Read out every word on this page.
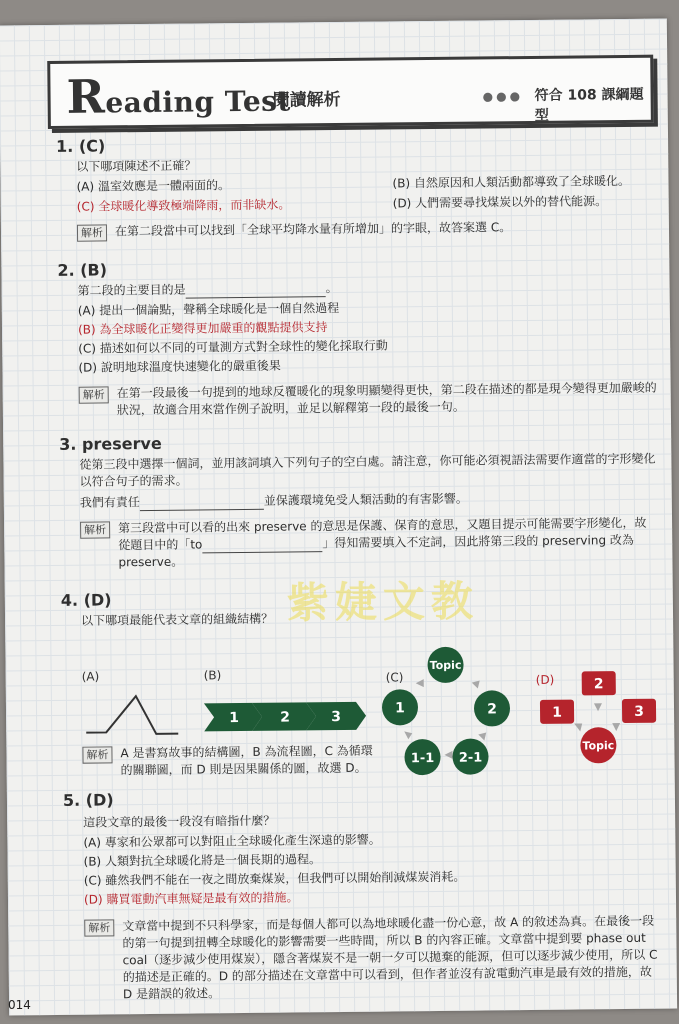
Reading Test
閱讀解析	●●● 符合 108 課綱題型
1. (C)
以下哪項陳述不正確？
(A) 溫室效應是一體兩面的。	(B) 自然原因和人類活動都導致了全球暖化。
(C) 全球暖化導致極端降雨，而非缺水。	(D) 人們需要尋找煤炭以外的替代能源。
解析 在第二段當中可以找到「全球平均降水量有所增加」的字眼，故答案選 C。
2. (B)
第二段的主要目的是	。
(A) 提出一個論點，聲稱全球暖化是一個自然過程
(B) 為全球暖化正變得更加嚴重的觀點提供支持
(C) 描述如何以不同的可量測方式對全球性的變化採取行動
(D) 說明地球溫度快速變化的嚴重後果
解析 在第一段最後一句提到的地球反覆暖化的現象明顯變得更快，第二段在描述的都是現今變得更加嚴峻的狀況，故適合用來當作例子說明，並足以解釋第一段的最後一句。
3. preserve
從第三段中選擇一個詞，並用該詞填入下列句子的空白處。請注意，你可能必須視語法需要作適當的字形變化以符合句子的需求。
我們有責任	並保護環境免受人類活動的有害影響。
解析 第三段當中可以看的出來 preserve 的意思是保護、保育的意思，又題目提示可能需要字形變化，故從題目中的「to	」得知需要填入不定詞，因此將第三段的 preserving 改為 preserve。
紫婕文教
4. (D)
以下哪項最能代表文章的組織結構？
(A)	(B)
1	2	3
(C)
Topic
2
2-1
1-1
1
(D)	2
3
Topic
1
解析 A 是書寫故事的結構圖，B 為流程圖，C 為循環的關聯圖，而 D 則是因果關係的圖，故選 D。
5. (D)
這段文章的最後一段沒有暗指什麼？
(A) 專家和公眾都可以對阻止全球暖化產生深遠的影響。
(B) 人類對抗全球暖化將是一個長期的過程。
(C) 雖然我們不能在一夜之間放棄煤炭，但我們可以開始削減煤炭消耗。
(D) 購買電動汽車無疑是最有效的措施。
解析 文章當中提到不只科學家，而是每個人都可以為地球暖化盡一份心意，故 A 的敘述為真。在最後一段的第一句提到扭轉全球暖化的影響需要一些時間，所以 B 的內容正確。文章當中提到要 phase out coal（逐步減少使用煤炭），隱含著煤炭不是一朝一夕可以拋棄的能源，但可以逐步減少使用，所以 C 的描述是正確的。D 的部分描述在文章當中可以看到，但作者並沒有說電動汽車是最有效的措施，故 D 是錯誤的敘述。
014
